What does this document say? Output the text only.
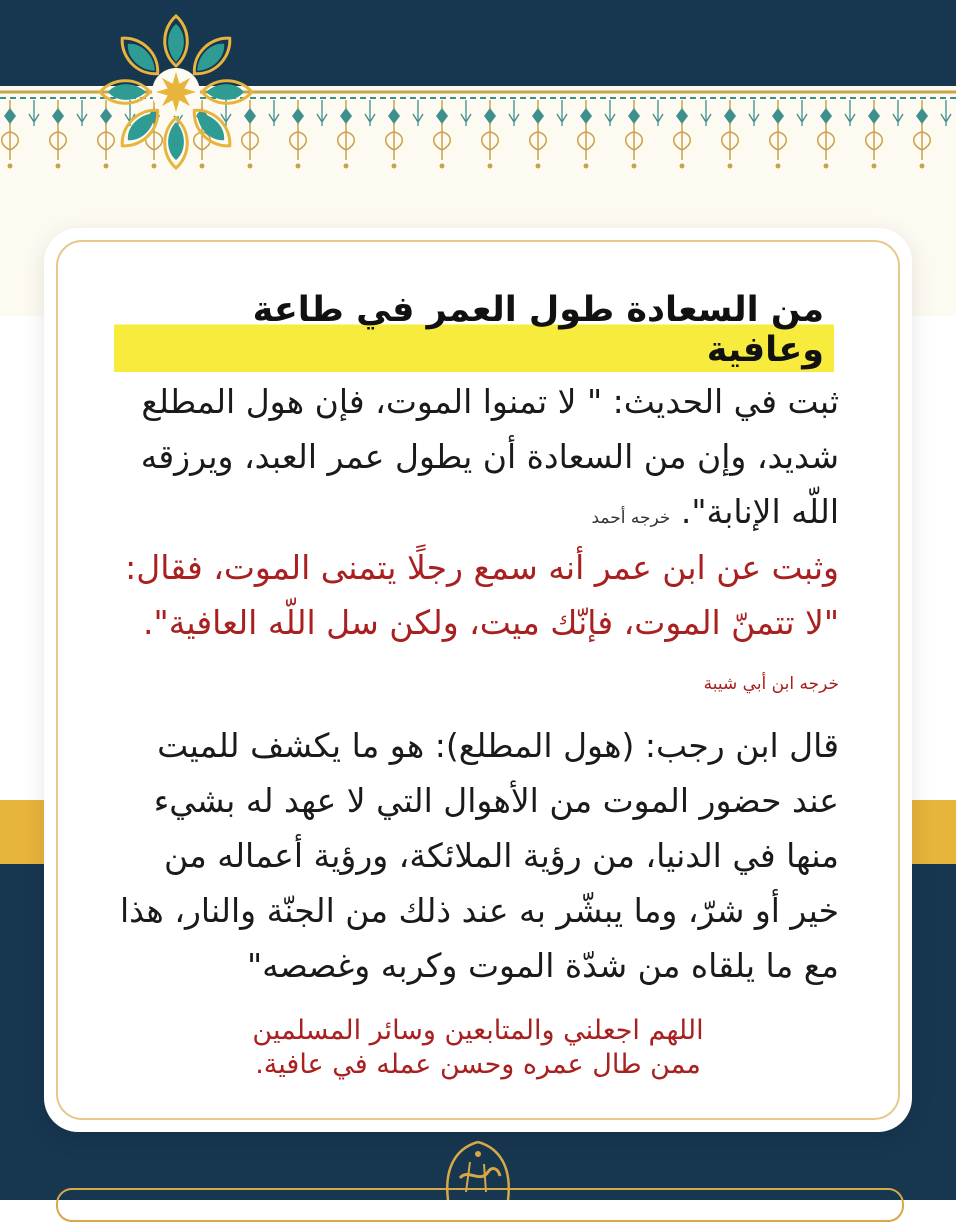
من السعادة طول العمر في طاعة وعافية
ثبت في الحديث: " لا تمنوا الموت، فإن هول المطلع شديد، وإن من السعادة أن يطول عمر العبد، ويرزقه اللّه الإنابة". خرجه أحمد
وثبت عن ابن عمر أنه سمع رجلًا يتمنى الموت، فقال: "لا تتمنّ الموت، فإنّك ميت، ولكن سل اللّه العافية". خرجه ابن أبي شيبة
قال ابن رجب: (هول المطلع): هو ما يكشف للميت عند حضور الموت من الأهوال التي لا عهد له بشيء منها في الدنيا، من رؤية الملائكة، ورؤية أعماله من خير أو شرّ، وما يبشّر به عند ذلك من الجنّة والنار، هذا مع ما يلقاه من شدّة الموت وكربه وغصصه"
اللهم اجعلني والمتابعين وسائر المسلمين
ممن طال عمره وحسن عمله في عافية.
